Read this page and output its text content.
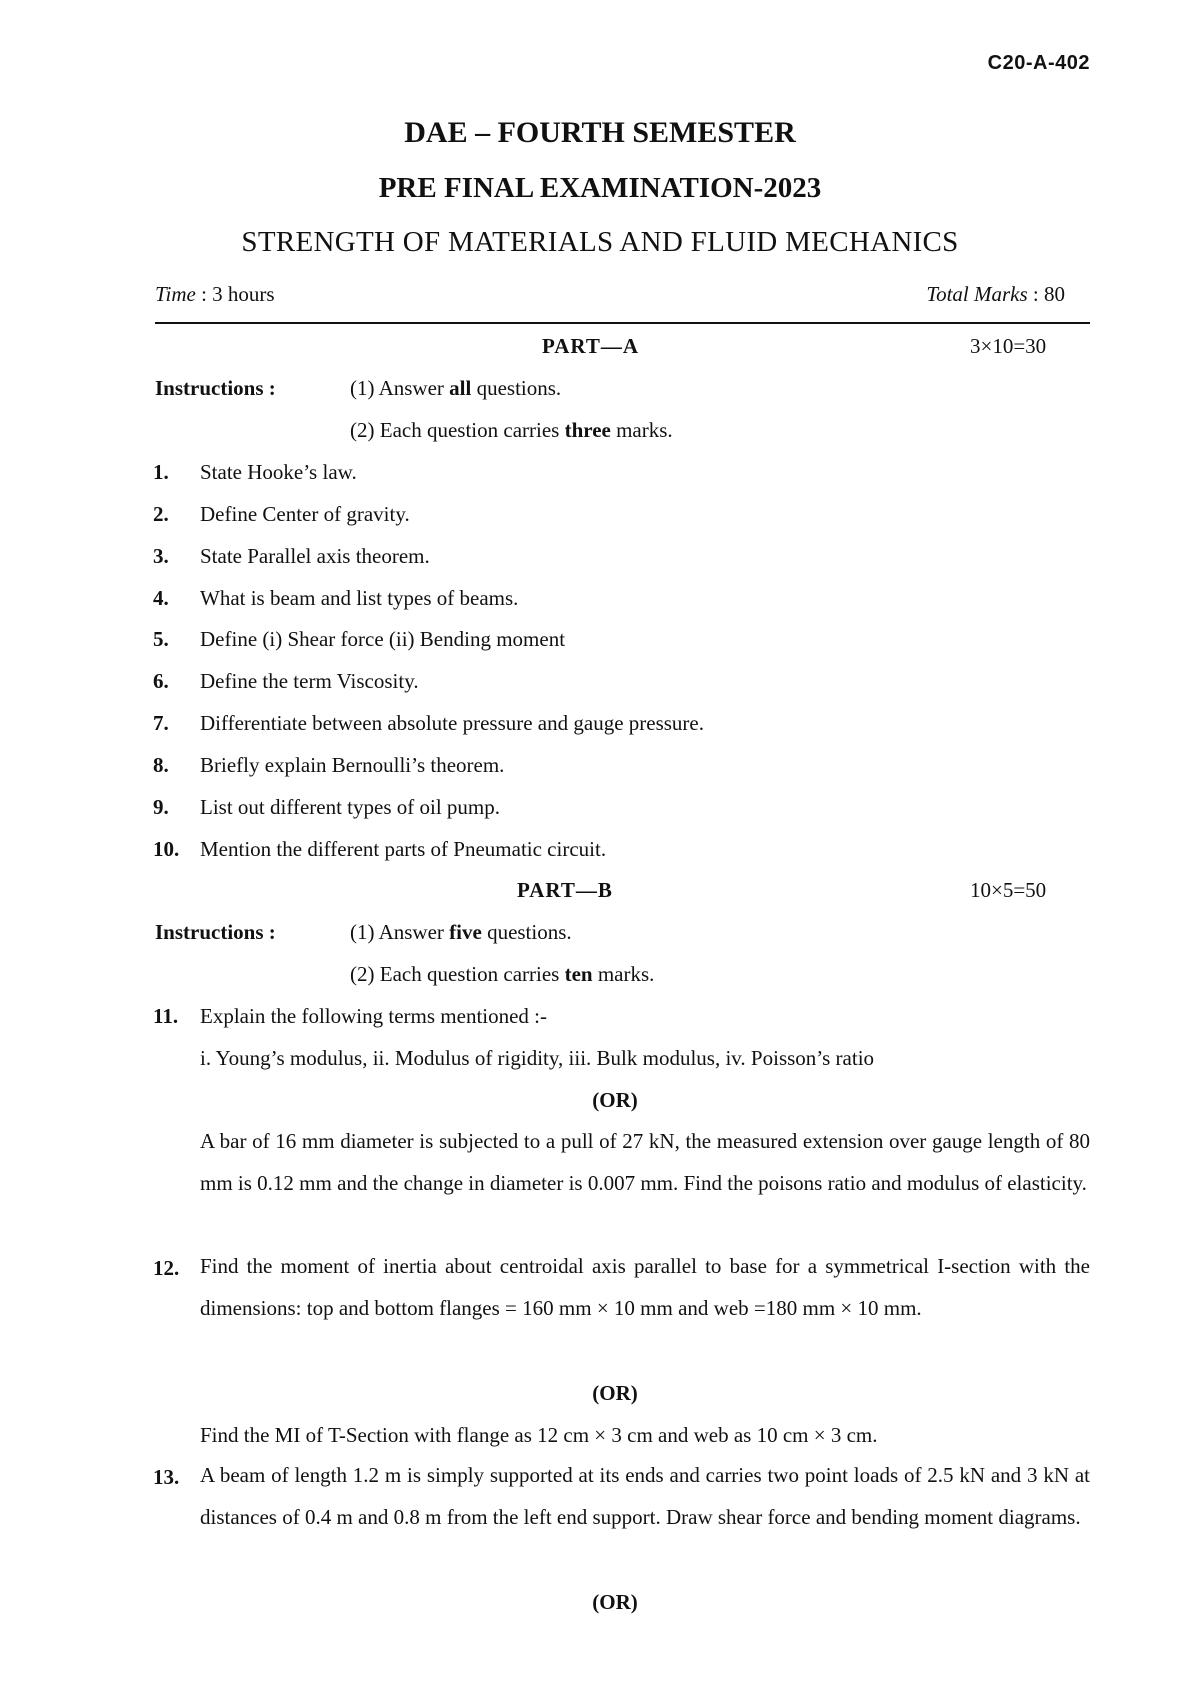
C20-A-402
DAE – FOURTH SEMESTER
PRE FINAL EXAMINATION-2023
STRENGTH OF MATERIALS AND FLUID MECHANICS
Time : 3 hours	Total Marks : 80
PART—A	3×10=30
Instructions :	(1) Answer all questions.
(2) Each question carries three marks.
1. State Hooke’s law.
2. Define Center of gravity.
3. State Parallel axis theorem.
4. What is beam and list types of beams.
5. Define (i) Shear force (ii) Bending moment
6. Define the term Viscosity.
7. Differentiate between absolute pressure and gauge pressure.
8. Briefly explain Bernoulli’s theorem.
9. List out different types of oil pump.
10. Mention the different parts of Pneumatic circuit.
PART—B	10×5=50
Instructions :	(1) Answer five questions.
(2) Each question carries ten marks.
11. Explain the following terms mentioned :-
i. Young’s modulus, ii. Modulus of rigidity, iii. Bulk modulus, iv. Poisson’s ratio
(OR)
A bar of 16 mm diameter is subjected to a pull of 27 kN, the measured extension over gauge length of 80 mm is 0.12 mm and the change in diameter is 0.007 mm. Find the poisons ratio and modulus of elasticity.
12. Find the moment of inertia about centroidal axis parallel to base for a symmetrical I-section with the dimensions: top and bottom flanges = 160 mm × 10 mm and web =180 mm × 10 mm.
(OR)
Find the MI of T-Section with flange as 12 cm × 3 cm and web as 10 cm × 3 cm.
13. A beam of length 1.2 m is simply supported at its ends and carries two point loads of 2.5 kN and 3 kN at distances of 0.4 m and 0.8 m from the left end support. Draw shear force and bending moment diagrams.
(OR)
